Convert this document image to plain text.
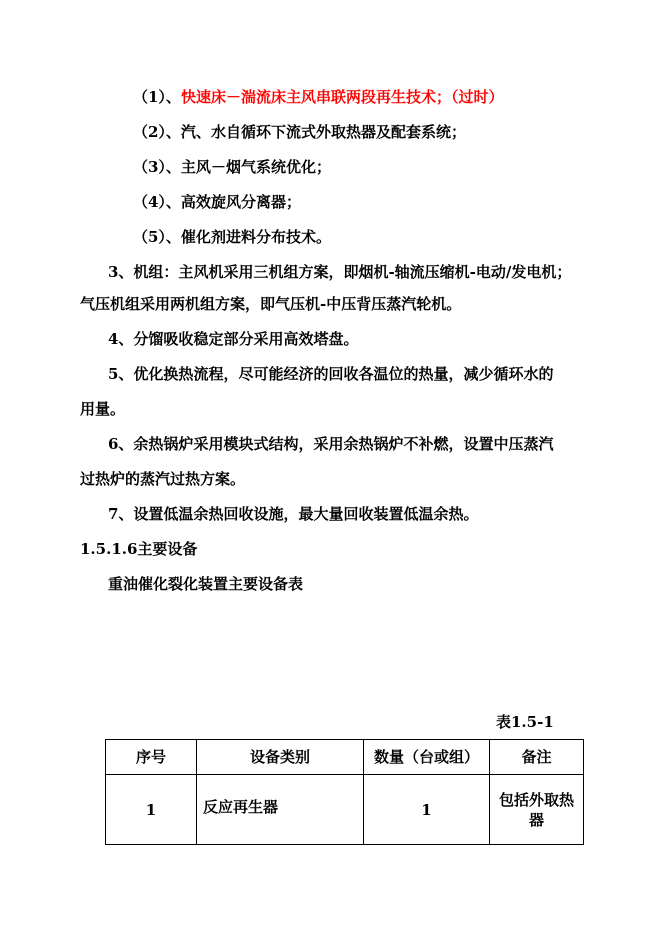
（1）、快速床－湍流床主风串联两段再生技术；（过时）
（2）、汽、水自循环下流式外取热器及配套系统；
（3）、主风－烟气系统优化；
（4）、高效旋风分离器；
（5）、催化剂进料分布技术。
3、机组：主风机采用三机组方案，即烟机-轴流压缩机-电动/发电机；
气压机组采用两机组方案，即气压机-中压背压蒸汽轮机。
4、分馏吸收稳定部分采用高效塔盘。
5、优化换热流程，尽可能经济的回收各温位的热量，减少循环水的
用量。
6、余热锅炉采用模块式结构，采用余热锅炉不补燃，设置中压蒸汽
过热炉的蒸汽过热方案。
7、设置低温余热回收设施，最大量回收装置低温余热。
1.5.1.6主要设备
重油催化裂化装置主要设备表
表1.5-1
序号	设备类别	数量（台或组）	备注
1	反应再生器	1	包括外取热器
